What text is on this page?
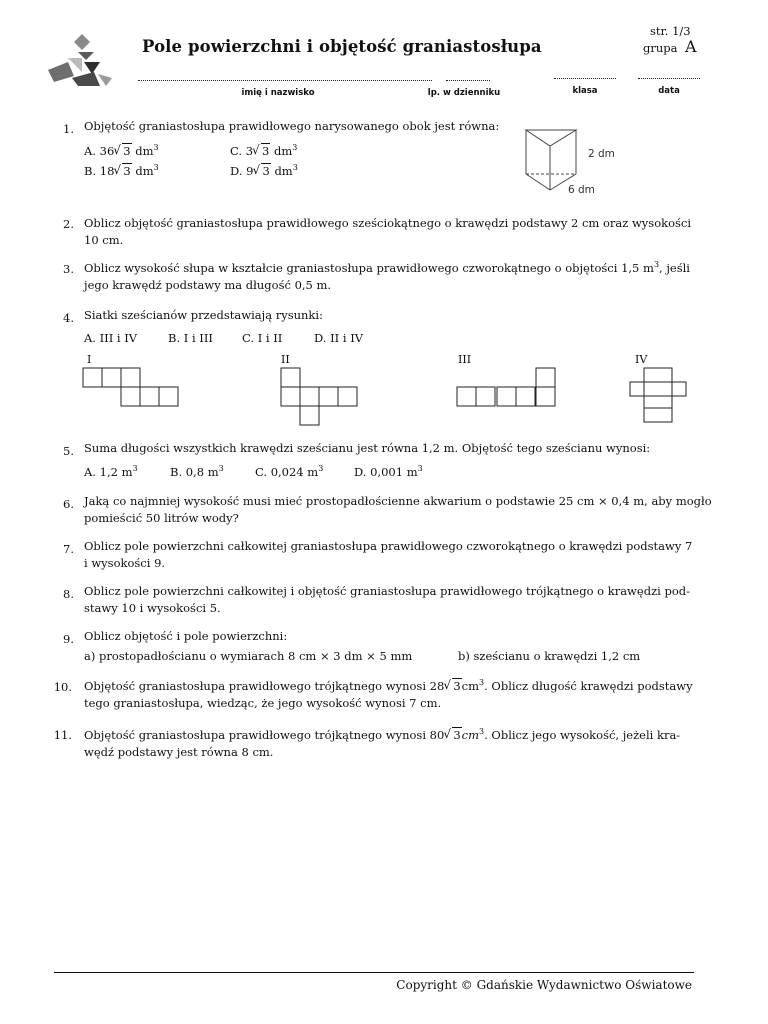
Pole powierzchni i objętość graniastosłupa
str. 1/3
grupa A
imię i nazwisko	lp. w dzienniku	klasa	data
1. Objętość graniastosłupa prawidłowego narysowanego obok jest równa:
A. 36 √ 3 $dm^3$	C. 3 √ 3 $dm^3$
B. 18 √ 3 $dm^3$	D. 9 √ 3 $dm^3$
2 dm
6 dm
2. Oblicz objętość graniastosłupa prawidłowego sześciokątnego o krawędzi podstawy 2 cm oraz wysokości
10 cm.
3. Oblicz wysokość słupa w kształcie graniastosłupa prawidłowego czworokątnego o objętości 1,5 $m^3$, jeśli
jego krawędź podstawy ma długość 0,5 m.
4. Siatki sześcianów przedstawiają rysunki:
A. III i IV	B. I i III	C. I i II	D. II i IV
I	II	III	IV
5. Suma długości wszystkich krawędzi sześcianu jest równa 1,2 m. Objętość tego sześcianu wynosi:
A. 1,2 $m^3$	B. 0,8 $m^3$	C. 0,024 $m^3$	D. 0,001 $m^3$
6. Jaką co najmniej wysokość musi mieć prostopadłościenne akwarium o podstawie 25 cm × 0,4 m, aby mogło
pomieścić 50 litrów wody?
7. Oblicz pole powierzchni całkowitej graniastosłupa prawidłowego czworokątnego o krawędzi podstawy 7
i wysokości 9.
8. Oblicz pole powierzchni całkowitej i objętość graniastosłupa prawidłowego trójkątnego o krawędzi pod-
stawy 10 i wysokości 5.
9. Oblicz objętość i pole powierzchni:
a) prostopadłościanu o wymiarach 8 cm × 3 dm × 5 mm	b) sześcianu o krawędzi 1,2 cm
10. Objętość graniastosłupa prawidłowego trójkątnego wynosi 28 √ $3cm^3$. Oblicz długość krawędzi podstawy
tego graniastosłupa, wiedząc, że jego wysokość wynosi 7 cm.
11. Objętość graniastosłupa prawidłowego trójkątnego wynosi 80 √ $3cm^3$. Oblicz jego wysokość, jeżeli kra-
wędź podstawy jest równa 8 cm.
Copyright © Gdańskie Wydawnictwo Oświatowe
